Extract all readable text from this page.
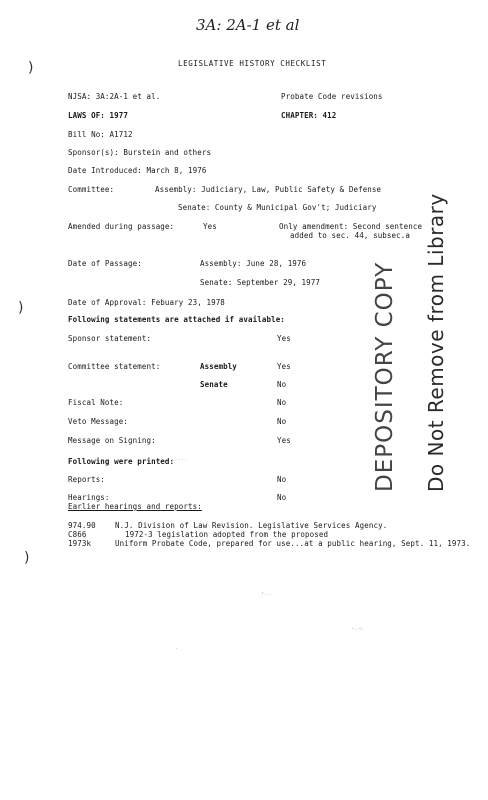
3A: 2A-1 et al
)
)
)
LEGISLATIVE HISTORY CHECKLIST
NJSA: 3A:2A-1 et al.	Probate Code revisions
LAWS OF: 1977	CHAPTER: 412
Bill No: A1712
Sponsor(s): Burstein and others
Date Introduced: March 8, 1976
Committee:	Assembly: Judiciary, Law, Public Safety & Defense
Senate: County & Municipal Gov't; Judiciary
Amended during passage:	Yes	Only amendment: Second sentence
added to sec. 44, subsec.a
Date of Passage:	Assembly: June 28, 1976
Senate: September 29, 1977
Date of Approval: Febuary 23, 1978
Following statements are attached if available:
Sponsor statement:	Yes
Committee statement:	Assembly	Yes
Senate	No
Fiscal Note:	No
Veto Message:	No
Message on Signing:	Yes
Following were printed:
Reports:	No
Hearings:	No
Earlier hearings and reports:
974.90	N.J. Division of Law Revision. Legislative Services Agency.
C866	1972-3 legislation adopted from the proposed
1973k	Uniform Probate Code, prepared for use...at a public hearing, Sept. 11, 1973.
DEPOSITORY COPY Do Not Remove from Library
· · · · ·
' · ·
- . ·:·
·
